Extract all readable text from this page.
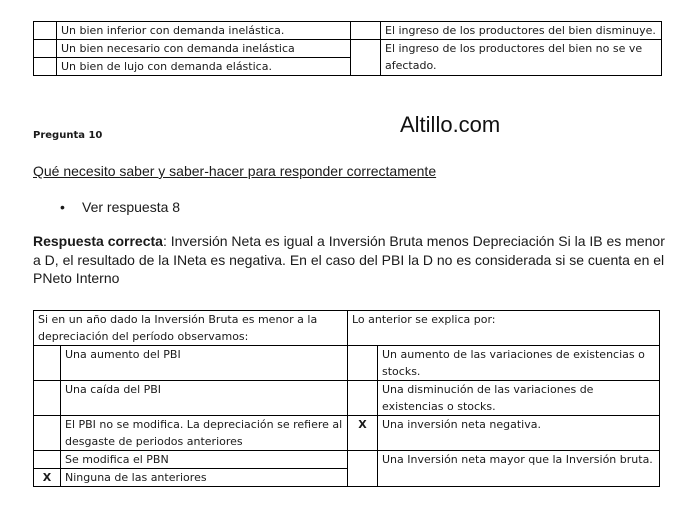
	Un bien inferior con demanda inelástica.		El ingreso de los productores del bien disminuye.
	Un bien necesario con demanda inelástica		El ingreso de los productores del bien no se ve afectado.
	Un bien de lujo con demanda elástica.		
Altillo.com
Pregunta 10
Qué necesito saber y saber-hacer para responder correctamente
• Ver respuesta 8
Respuesta correcta: Inversión Neta es igual a Inversión Bruta menos Depreciación Si la IB es menor a D, el resultado de la INeta es negativa. En el caso del PBI la D no es considerada si se cuenta en el PNeto Interno
Si en un año dado la Inversión Bruta es menor a la depreciación del período observamos:		Lo anterior se explica por:	
	Una aumento del PBI		Un aumento de las variaciones de existencias o stocks.
	Una caída del PBI		Una disminución de las variaciones de existencias o stocks.
	El PBI no se modifica. La depreciación se refiere al desgaste de periodos anteriores	X	Una inversión neta negativa.
	Se modifica el PBN		Una Inversión neta mayor que la Inversión bruta.
X	Ninguna de las anteriores		
